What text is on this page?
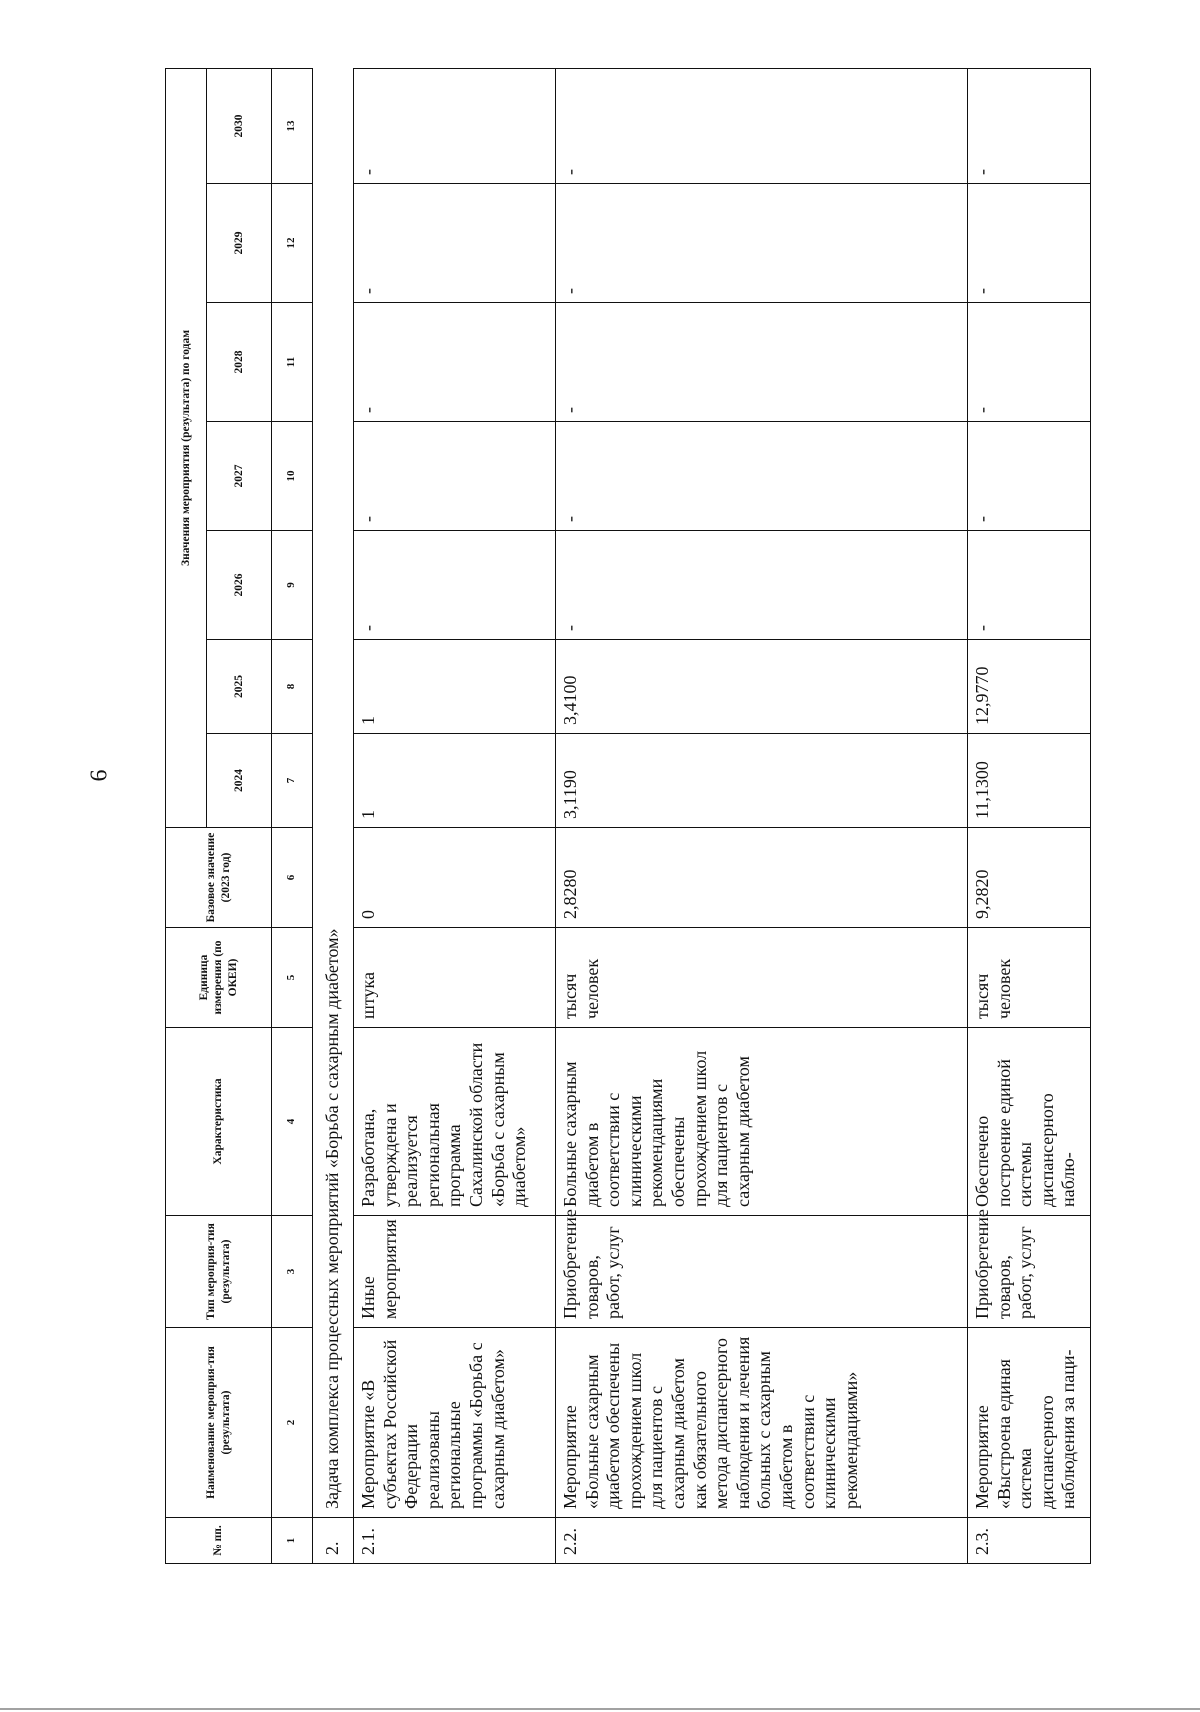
6
№ пп.	Наименование мероприя-тия (результата)	Тип мероприя-тия (результата)	Характеристика	Единица измерения (по ОКЕИ)	Базовое значение (2023 год)	Значения мероприятия (результата) по годам						
						2024	2025	2026	2027	2028	2029	2030
1	2	3	4	5	6	7	8	9	10	11	12	13
2.	Задача комплекса процессных мероприятий «Борьба с сахарным диабетом»											
2.1.	Мероприятие «В субъектах Российской Федерации реализованы региональные программы «Борьба с сахарным диабетом»	Иные мероприятия	Разработана, утверждена и реализуется региональная программа Сахалинской области «Борьба с сахарным диабетом»	штука	0	1	1	-	-	-	-	-
2.2.	Мероприятие «Больные сахарным диабетом обеспечены прохождением школ для пациентов с сахарным диабетом как обязательного метода диспансерного наблюдения и лечения больных с сахарным диабетом в соответствии с клиническими рекомендациями»	Приобретение товаров, работ, услуг	Больные сахарным диабетом в соответствии с клиническими рекомендациями обеспечены прохождением школ для пациентов с сахарным диабетом	тысяч человек	2,8280	3,1190	3,4100	-	-	-	-	-
2.3.	Мероприятие «Выстроена единая система диспансерного наблюдения за паци-	Приобретение товаров, работ, услуг	Обеспечено построение единой системы диспансерного наблю-	тысяч человек	9,2820	11,1300	12,9770	-	-	-	-	-
